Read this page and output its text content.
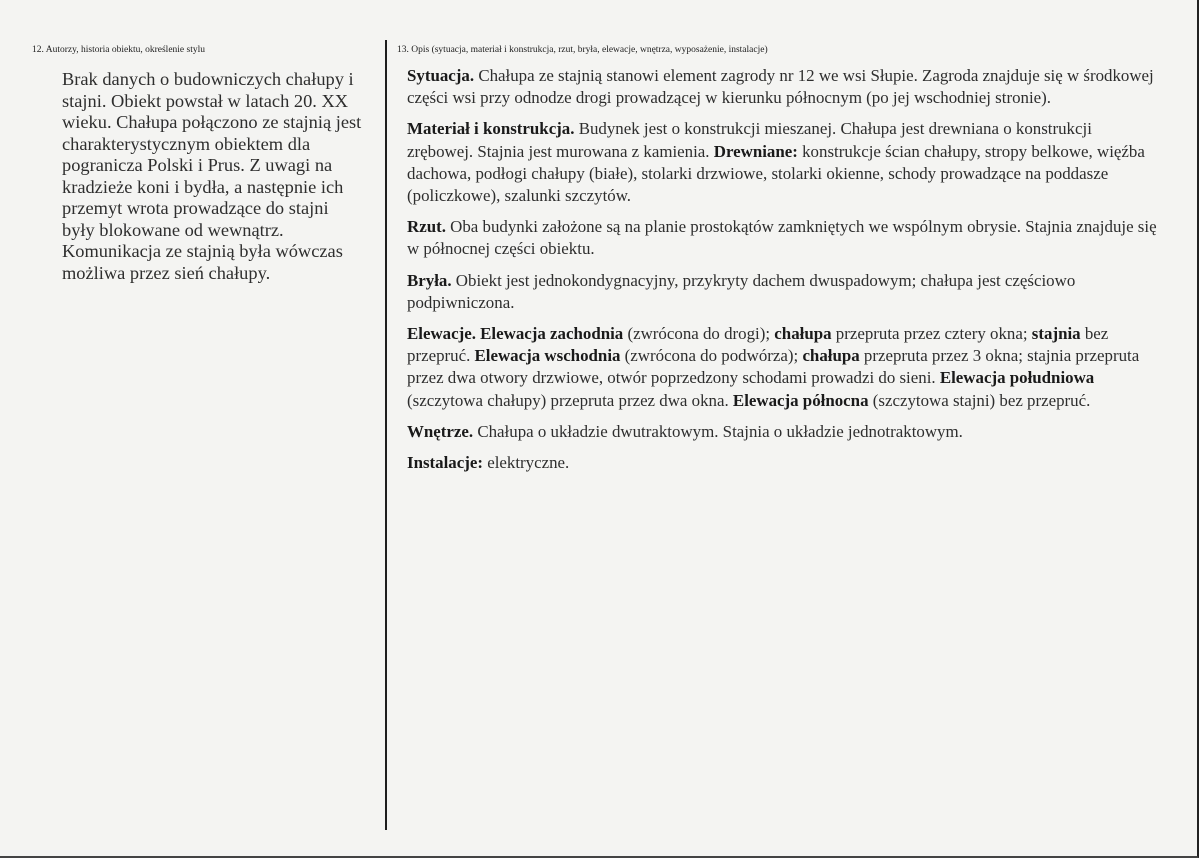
12. Autorzy, historia obiektu, określenie stylu

Brak danych o budowniczych chałupy i stajni. Obiekt powstał w latach 20. XX wieku. Chałupa połączono ze stajnią jest charakterystycznym obiektem dla pogranicza Polski i Prus. Z uwagi na kradzieże koni i bydła, a następnie ich przemyt wrota prowadzące do stajni były blokowane od wewnątrz. Komunikacja ze stajnią była wówczas możliwa przez sień chałupy.

13. Opis (sytuacja, materiał i konstrukcja, rzut, bryła, elewacje, wnętrza, wyposażenie, instalacje)

Sytuacja. Chałupa ze stajnią stanowi element zagrody nr 12 we wsi Słupie. Zagroda znajduje się w środkowej części wsi przy odnodze drogi prowadzącej w kierunku północnym (po jej wschodniej stronie).

Materiał i konstrukcja. Budynek jest o konstrukcji mieszanej. Chałupa jest drewniana o konstrukcji zrębowej. Stajnia jest murowana z kamienia. Drewniane: konstrukcje ścian chałupy, stropy belkowe, więźba dachowa, podłogi chałupy (białe), stolarki drzwiowe, stolarki okienne, schody prowadzące na poddasze (policzkowe), szalunki szczytów.

Rzut. Oba budynki założone są na planie prostokątów zamkniętych we wspólnym obrysie. Stajnia znajduje się w północnej części obiektu.

Bryła. Obiekt jest jednokondygnacyjny, przykryty dachem dwuspadowym; chałupa jest częściowo podpiwniczona.

Elewacje. Elewacja zachodnia (zwrócona do drogi); chałupa przepruta przez cztery okna; stajnia bez przepruć. Elewacja wschodnia (zwrócona do podwórza); chałupa przepruta przez 3 okna; stajnia przepruta przez dwa otwory drzwiowe, otwór poprzedzony schodami prowadzi do sieni. Elewacja południowa (szczytowa chałupy) przepruta przez dwa okna. Elewacja północna (szczytowa stajni) bez przepruć.

Wnętrze. Chałupa o układzie dwutraktowym. Stajnia o układzie jednotraktowym.

Instalacje: elektryczne.
